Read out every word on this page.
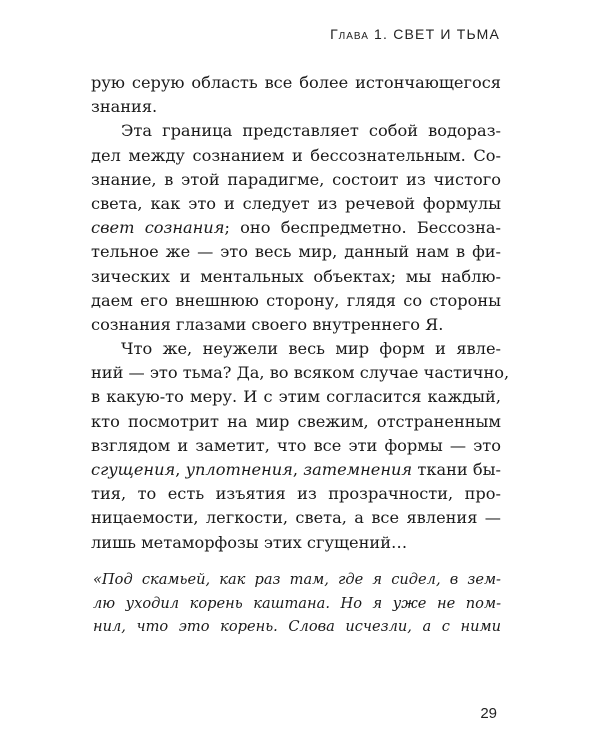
Глава 1. СВЕТ И ТЬМА
рую серую область все более истончающегося
знания.
Эта граница представляет собой водораз-
дел между сознанием и бессознательным. Со-
знание, в этой парадигме, состоит из чистого
света, как это и следует из речевой формулы
свет сознания; оно беспредметно. Бессозна-
тельное же — это весь мир, данный нам в фи-
зических и ментальных объектах; мы наблю-
даем его внешнюю сторону, глядя со стороны
сознания глазами своего внутреннего Я.
Что же, неужели весь мир форм и явле-
ний — это тьма? Да, во всяком случае частично,
в какую-то меру. И с этим согласится каждый,
кто посмотрит на мир свежим, отстраненным
взглядом и заметит, что все эти формы — это
сгущения, уплотнения, затемнения ткани бы-
тия, то есть изъятия из прозрачности, про-
ницаемости, легкости, света, а все явления —
лишь метаморфозы этих сгущений…
«Под скамьей, как раз там, где я сидел, в зем-
лю уходил корень каштана. Но я уже не пом-
нил, что это корень. Слова исчезли, а с ними
29
